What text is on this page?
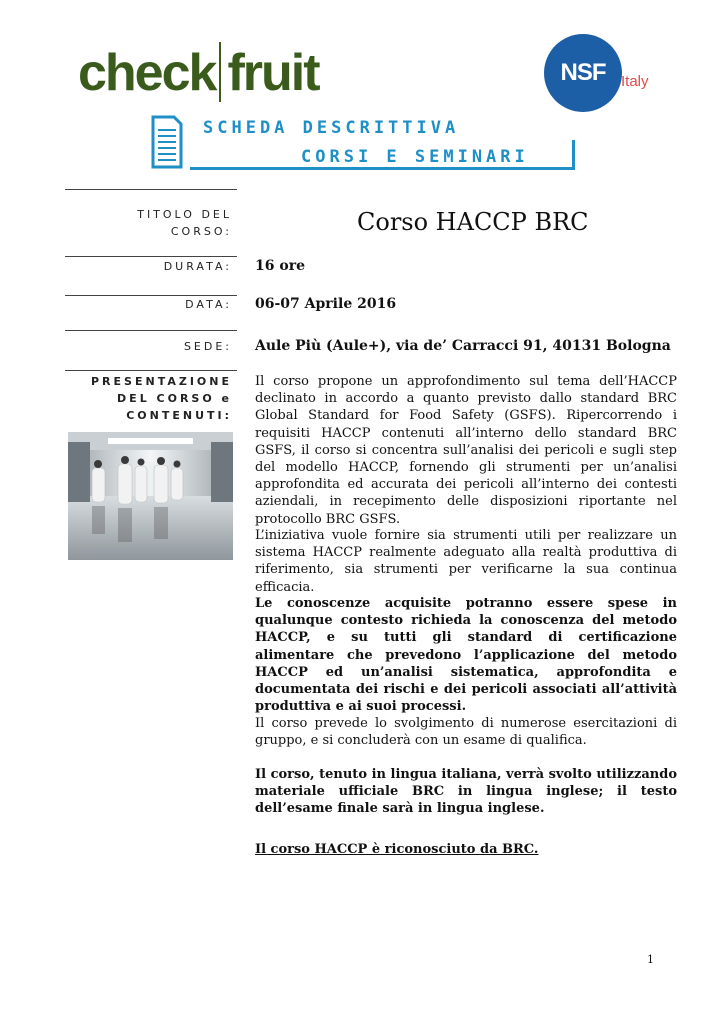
check fruit	NSF Italy
SCHEDA DESCRITTIVA
CORSI E SEMINARI
TITOLO DEL CORSO:
DURATA:
DATA:
SEDE:
PRESENTAZIONE DEL CORSO e CONTENUTI:
Corso HACCP BRC
16 ore
06-07 Aprile 2016
Aule Più (Aule+), via de’ Carracci 91, 40131 Bologna
Il corso propone un approfondimento sul tema dell’HACCP declinato in accordo a quanto previsto dallo standard BRC Global Standard for Food Safety (GSFS). Ripercorrendo i requisiti HACCP contenuti all’interno dello standard BRC GSFS, il corso si concentra sull’analisi dei pericoli e sugli step del modello HACCP, fornendo gli strumenti per un’analisi approfondita ed accurata dei pericoli all’interno dei contesti aziendali, in recepimento delle disposizioni riportante nel protocollo BRC GSFS.
L’iniziativa vuole fornire sia strumenti utili per realizzare un sistema HACCP realmente adeguato alla realtà produttiva di riferimento, sia strumenti per verificarne la sua continua efficacia.
Le conoscenze acquisite potranno essere spese in qualunque contesto richieda la conoscenza del metodo HACCP, e su tutti gli standard di certificazione alimentare che prevedono l’applicazione del metodo HACCP ed un’analisi sistematica, approfondita e documentata dei rischi e dei pericoli associati all’attività produttiva e ai suoi processi.
Il corso prevede lo svolgimento di numerose esercitazioni di gruppo, e si concluderà con un esame di qualifica.
Il corso, tenuto in lingua italiana, verrà svolto utilizzando materiale ufficiale BRC in lingua inglese; il testo dell’esame finale sarà in lingua inglese.
Il corso HACCP è riconosciuto da BRC.
1
